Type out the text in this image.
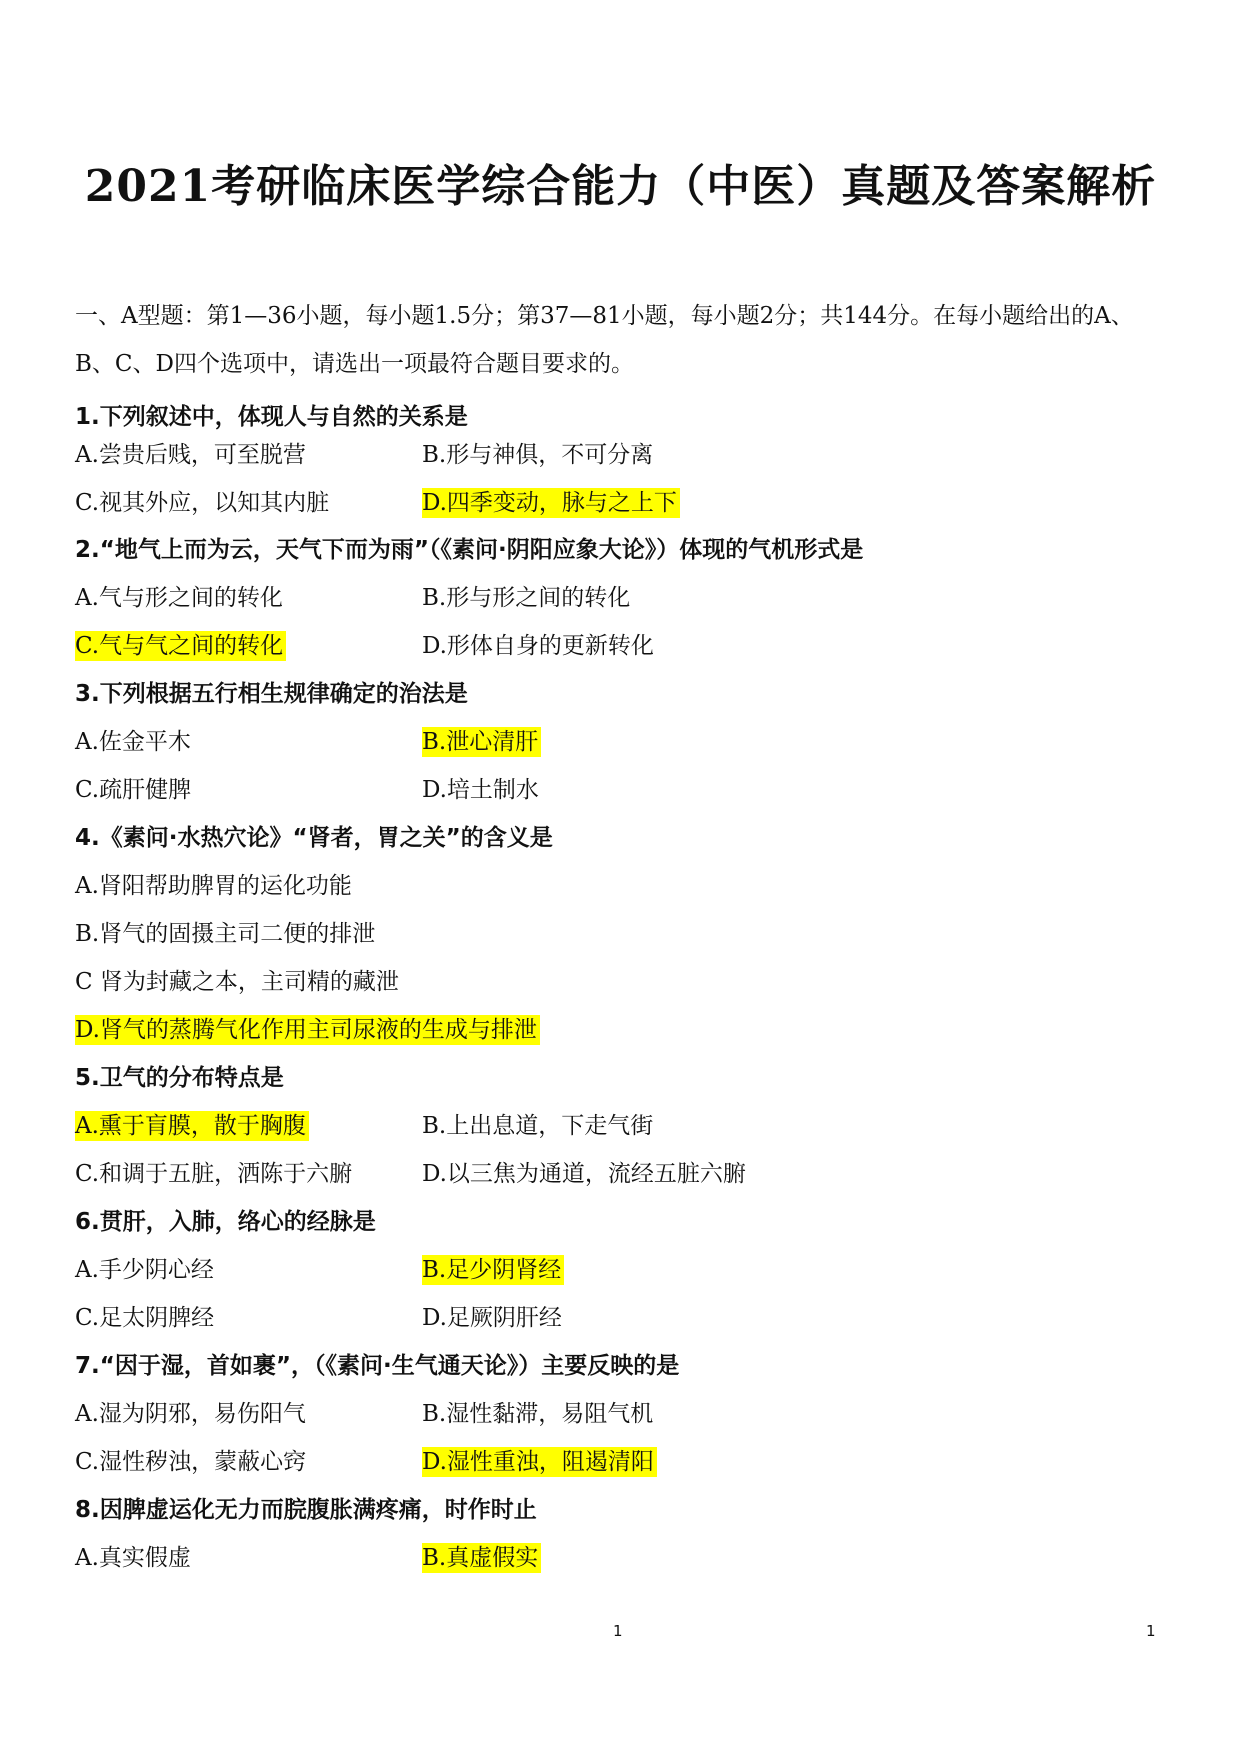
2021考研临床医学综合能力（中医）真题及答案解析

一、A型题：第1—36小题，每小题1.5分；第37—81小题，每小题2分；共144分。在每小题给出的A、B、C、D四个选项中，请选出一项最符合题目要求的。

1.下列叙述中，体现人与自然的关系是

A.尝贵后贱，可至脱营	B.形与神俱，不可分离

C.视其外应，以知其内脏	D.四季变动，脉与之上下

2.“地气上而为云，天气下而为雨”（《素问·阴阳应象大论》）体现的气机形式是

A.气与形之间的转化	B.形与形之间的转化

C.气与气之间的转化	D.形体自身的更新转化

3.下列根据五行相生规律确定的治法是

A.佐金平木	B.泄心清肝

C.疏肝健脾	D.培土制水

4.《素问·水热穴论》“肾者，胃之关”的含义是

A.肾阳帮助脾胃的运化功能

B.肾气的固摄主司二便的排泄

C 肾为封藏之本，主司精的藏泄

D.肾气的蒸腾气化作用主司尿液的生成与排泄

5.卫气的分布特点是

A.熏于肓膜，散于胸腹	B.上出息道，下走气街

C.和调于五脏，洒陈于六腑	D.以三焦为通道，流经五脏六腑

6.贯肝，入肺，络心的经脉是

A.手少阴心经	B.足少阴肾经

C.足太阴脾经	D.足厥阴肝经

7.“因于湿，首如裹”，（《素问·生气通天论》）主要反映的是

A.湿为阴邪，易伤阳气	B.湿性黏滞，易阻气机

C.湿性秽浊，蒙蔽心窍	D.湿性重浊，阻遏清阳

8.因脾虚运化无力而脘腹胀满疼痛，时作时止

A.真实假虚	B.真虚假实

1	1
